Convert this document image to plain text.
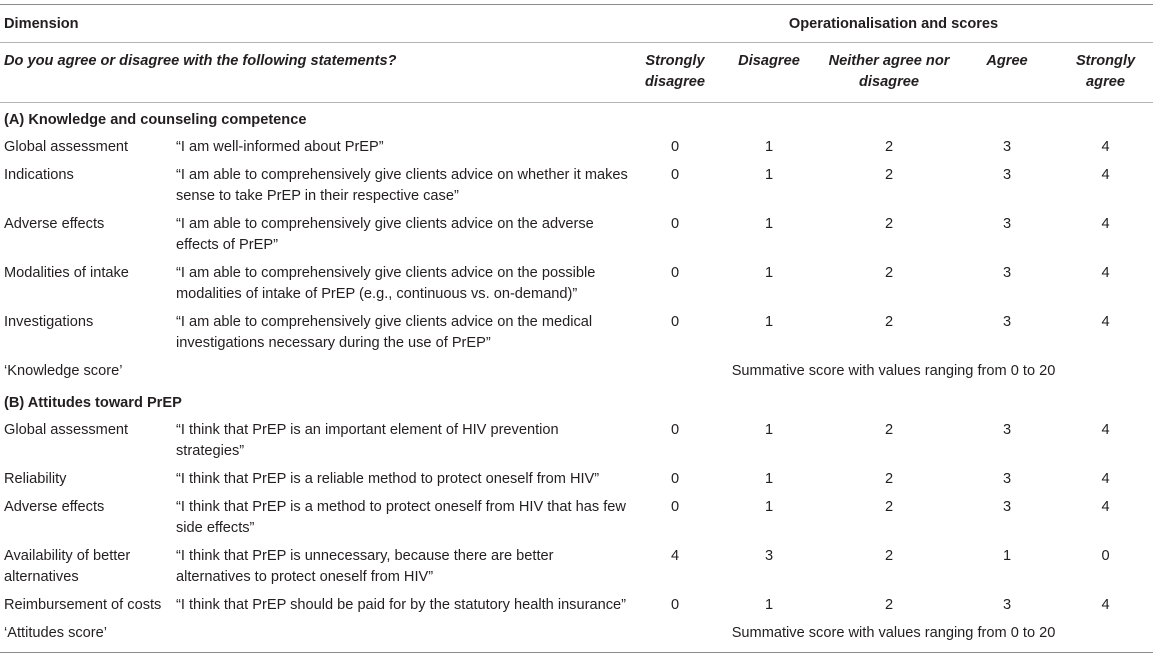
Dimension		Operationalisation and scores				
Do you agree or disagree with the following statements?		Strongly disagree	Disagree	Neither agree nor disagree	Agree	Strongly agree
(A) Knowledge and counseling competence						
Global assessment	“I am well-informed about PrEP”	0	1	2	3	4
Indications	“I am able to comprehensively give clients advice on whether it makes sense to take PrEP in their respective case”	0	1	2	3	4
Adverse effects	“I am able to comprehensively give clients advice on the adverse effects of PrEP”	0	1	2	3	4
Modalities of intake	“I am able to comprehensively give clients advice on the possible modalities of intake of PrEP (e.g., continuous vs. on-demand)”	0	1	2	3	4
Investigations	“I am able to comprehensively give clients advice on the medical investigations necessary during the use of PrEP”	0	1	2	3	4
‘Knowledge score’		Summative score with values ranging from 0 to 20				
(B) Attitudes toward PrEP						
Global assessment	“I think that PrEP is an important element of HIV prevention strategies”	0	1	2	3	4
Reliability	“I think that PrEP is a reliable method to protect oneself from HIV”	0	1	2	3	4
Adverse effects	“I think that PrEP is a method to protect oneself from HIV that has few side effects”	0	1	2	3	4
Availability of better alternatives	“I think that PrEP is unnecessary, because there are better alternatives to protect oneself from HIV”	4	3	2	1	0
Reimbursement of costs	“I think that PrEP should be paid for by the statutory health insurance”	0	1	2	3	4
‘Attitudes score’		Summative score with values ranging from 0 to 20				
